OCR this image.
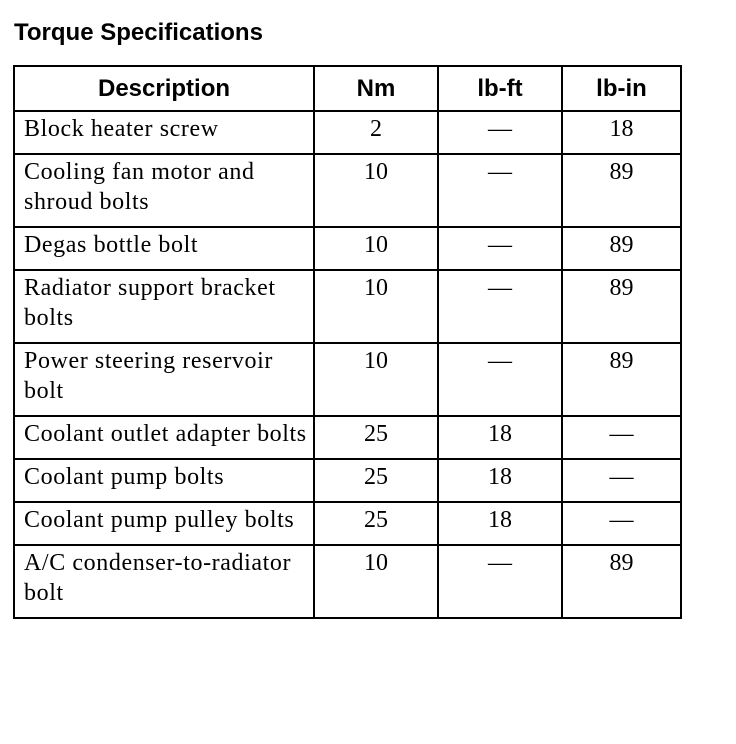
Torque Specifications
Description	Nm	lb-ft	lb-in
Block heater screw	2	—	18
Cooling fan motor and shroud bolts	10	—	89
Degas bottle bolt	10	—	89
Radiator support bracket bolts	10	—	89
Power steering reservoir bolt	10	—	89
Coolant outlet adapter bolts	25	18	—
Coolant pump bolts	25	18	—
Coolant pump pulley bolts	25	18	—
A/C condenser-to-radiator bolt	10	—	89
